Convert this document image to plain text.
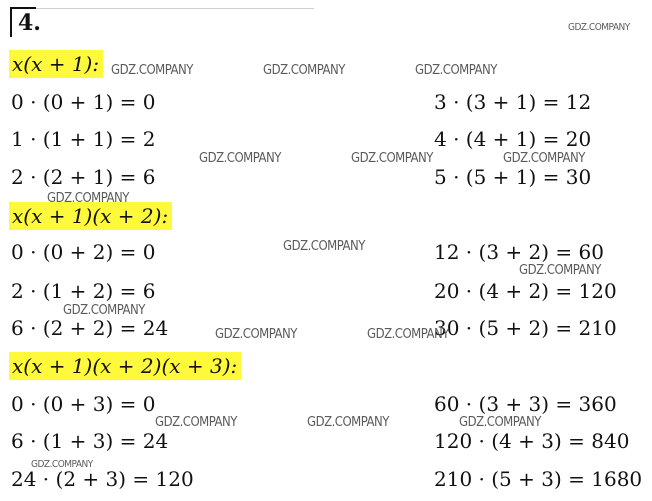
4.
x(x + 1):
0 · (0 + 1) = 0
1 · (1 + 1) = 2
2 · (2 + 1) = 6
3 · (3 + 1) = 12
4 · (4 + 1) = 20
5 · (5 + 1) = 30
x(x + 1)(x + 2):
0 · (0 + 2) = 0
2 · (1 + 2) = 6
6 · (2 + 2) = 24
12 · (3 + 2) = 60
20 · (4 + 2) = 120
30 · (5 + 2) = 210
x(x + 1)(x + 2)(x + 3):
0 · (0 + 3) = 0
6 · (1 + 3) = 24
24 · (2 + 3) = 120
60 · (3 + 3) = 360
120 · (4 + 3) = 840
210 · (5 + 3) = 1680
GDZ.COMPANY
GDZ.COMPANY	GDZ.COMPANY	GDZ.COMPANY
GDZ.COMPANY	GDZ.COMPANY	GDZ.COMPANY
GDZ.COMPANY
GDZ.COMPANY
GDZ.COMPANY
GDZ.COMPANY
GDZ.COMPANY	GDZ.COMPANY
GDZ.COMPANY	GDZ.COMPANY	GDZ.COMPANY
GDZ.COMPANY
